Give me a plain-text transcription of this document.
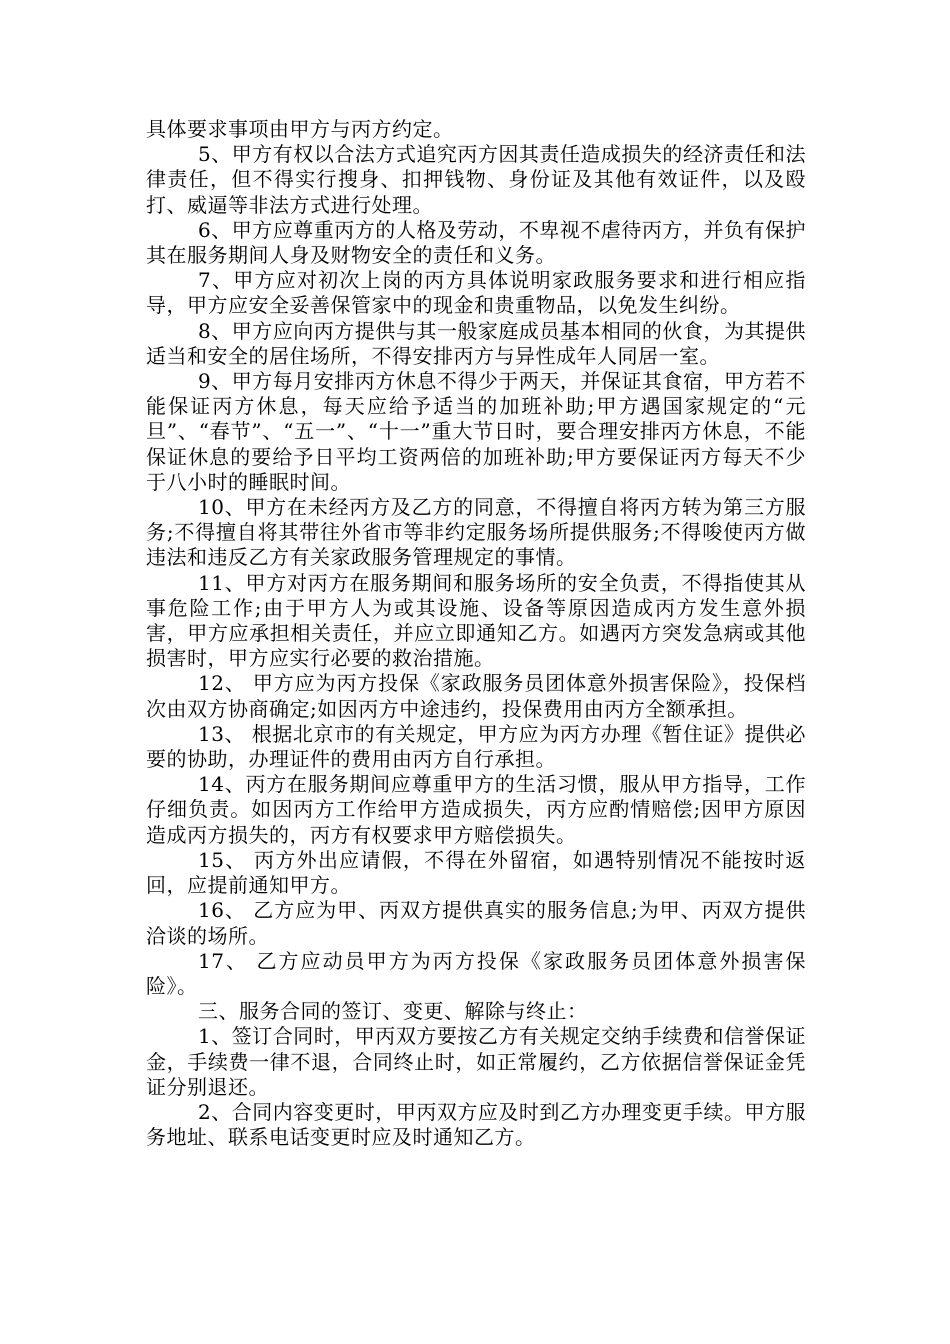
具体要求事项由甲方与丙方约定。

5、甲方有权以合法方式追究丙方因其责任造成损失的经济责任和法律责任，但不得实行搜身、扣押钱物、身份证及其他有效证件，以及殴打、威逼等非法方式进行处理。

6、甲方应尊重丙方的人格及劳动，不卑视不虐待丙方，并负有保护其在服务期间人身及财物安全的责任和义务。

7、甲方应对初次上岗的丙方具体说明家政服务要求和进行相应指导，甲方应安全妥善保管家中的现金和贵重物品，以免发生纠纷。

8、甲方应向丙方提供与其一般家庭成员基本相同的伙食，为其提供适当和安全的居住场所，不得安排丙方与异性成年人同居一室。

9、甲方每月安排丙方休息不得少于两天，并保证其食宿，甲方若不能保证丙方休息，每天应给予适当的加班补助;甲方遇国家规定的“元旦”、“春节”、“五一”、“十一”重大节日时，要合理安排丙方休息，不能保证休息的要给予日平均工资两倍的加班补助;甲方要保证丙方每天不少于八小时的睡眠时间。

10、甲方在未经丙方及乙方的同意，不得擅自将丙方转为第三方服务;不得擅自将其带往外省市等非约定服务场所提供服务;不得唆使丙方做违法和违反乙方有关家政服务管理规定的事情。

11、甲方对丙方在服务期间和服务场所的安全负责，不得指使其从事危险工作;由于甲方人为或其设施、设备等原因造成丙方发生意外损害，甲方应承担相关责任，并应立即通知乙方。如遇丙方突发急病或其他损害时，甲方应实行必要的救治措施。

12、 甲方应为丙方投保《家政服务员团体意外损害保险》，投保档次由双方协商确定;如因丙方中途违约，投保费用由丙方全额承担。

13、 根据北京市的有关规定，甲方应为丙方办理《暂住证》提供必要的协助，办理证件的费用由丙方自行承担。

14、丙方在服务期间应尊重甲方的生活习惯，服从甲方指导，工作仔细负责。如因丙方工作给甲方造成损失，丙方应酌情赔偿;因甲方原因造成丙方损失的，丙方有权要求甲方赔偿损失。

15、 丙方外出应请假，不得在外留宿，如遇特别情况不能按时返回，应提前通知甲方。

16、 乙方应为甲、丙双方提供真实的服务信息;为甲、丙双方提供洽谈的场所。

17、 乙方应动员甲方为丙方投保《家政服务员团体意外损害保险》。

三、服务合同的签订、变更、解除与终止：

1、签订合同时，甲丙双方要按乙方有关规定交纳手续费和信誉保证金，手续费一律不退，合同终止时，如正常履约，乙方依据信誉保证金凭证分别退还。

2、合同内容变更时，甲丙双方应及时到乙方办理变更手续。甲方服务地址、联系电话变更时应及时通知乙方。
